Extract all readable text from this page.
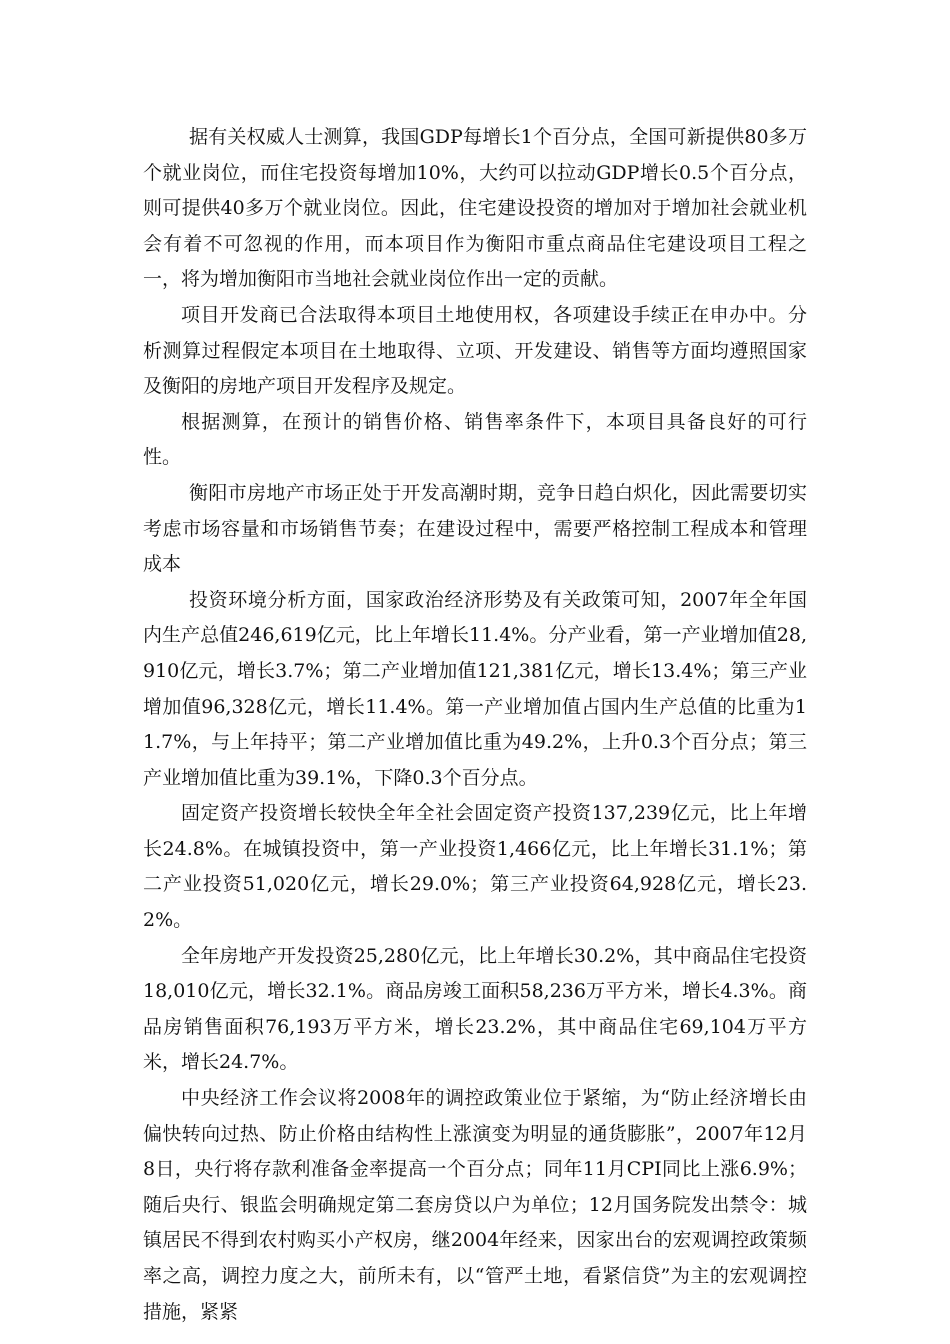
据有关权威人士测算，我国GDP每增长1个百分点，全国可新提供80多万个就业岗位，而住宅投资每增加10%，大约可以拉动GDP增长0.5个百分点，则可提供40多万个就业岗位。因此，住宅建设投资的增加对于增加社会就业机会有着不可忽视的作用，而本项目作为衡阳市重点商品住宅建设项目工程之一，将为增加衡阳市当地社会就业岗位作出一定的贡献。

项目开发商已合法取得本项目土地使用权，各项建设手续正在申办中。分析测算过程假定本项目在土地取得、立项、开发建设、销售等方面均遵照国家及衡阳的房地产项目开发程序及规定。

根据测算，在预计的销售价格、销售率条件下，本项目具备良好的可行性。

衡阳市房地产市场正处于开发高潮时期，竞争日趋白炽化，因此需要切实考虑市场容量和市场销售节奏；在建设过程中，需要严格控制工程成本和管理成本

投资环境分析方面，国家政治经济形势及有关政策可知，2007年全年国内生产总值246,619亿元，比上年增长11.4%。分产业看，第一产业增加值28,910亿元，增长3.7%；第二产业增加值121,381亿元，增长13.4%；第三产业增加值96,328亿元，增长11.4%。第一产业增加值占国内生产总值的比重为11.7%，与上年持平；第二产业增加值比重为49.2%，上升0.3个百分点；第三产业增加值比重为39.1%，下降0.3个百分点。

固定资产投资增长较快全年全社会固定资产投资137,239亿元，比上年增长24.8%。在城镇投资中，第一产业投资1,466亿元，比上年增长31.1%；第二产业投资51,020亿元，增长29.0%；第三产业投资64,928亿元，增长23.2%。

全年房地产开发投资25,280亿元，比上年增长30.2%，其中商品住宅投资18,010亿元，增长32.1%。商品房竣工面积58,236万平方米，增长4.3%。商品房销售面积76,193万平方米，增长23.2%，其中商品住宅69,104万平方米，增长24.7%。

中央经济工作会议将2008年的调控政策业位于紧缩，为“防止经济增长由偏快转向过热、防止价格由结构性上涨演变为明显的通货膨胀”，2007年12月8日，央行将存款利准备金率提高一个百分点；同年11月CPI同比上涨6.9%；随后央行、银监会明确规定第二套房贷以户为单位；12月国务院发出禁令：城镇居民不得到农村购买小产权房，继2004年经来，因家出台的宏观调控政策频率之高，调控力度之大，前所未有，以“管严土地，看紧信贷”为主的宏观调控措施，紧紧
